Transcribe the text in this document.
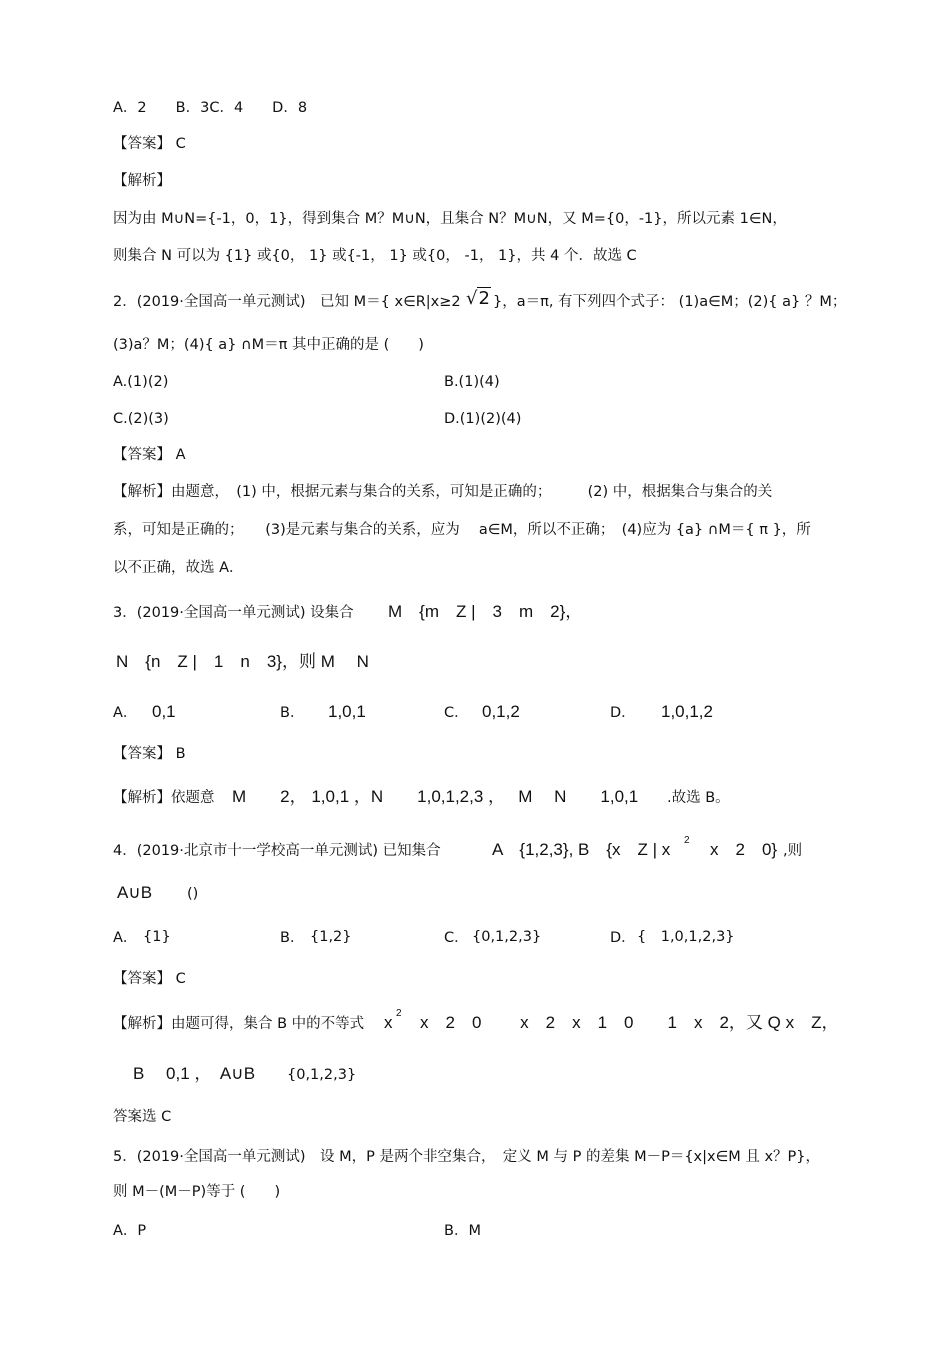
A．2　　B．3C．4　　D．8
【答案】 C
【解析】
因为由 M∪N={-1，0，1}，得到集合 M？M∪N，且集合 N？M∪N，又 M={0，-1}，所以元素 1∈N，
则集合 N 可以为 {1} 或{0， 1} 或{-1， 1} 或{0， -1， 1}，共 4 个．故选 C
2．(2019·全国高一单元测试)　已知 M＝{ x∈R|x≥2 √2 }，a＝π, 有下列四个式子： (1)a∈M；(2){ a} ？M；
(3)a？M；(4){ a} ∩M＝π 其中正确的是 (　　)
A.(1)(2)	B.(1)(4)
C.(2)(3)	D.(1)(2)(4)
【答案】 A
【解析】由题意，　(1) 中，根据元素与集合的关系，可知是正确的；　　　(2) 中，根据集合与集合的关
系，可知是正确的；　　(3)是元素与集合的关系，应为　 a∈M，所以不正确；　(4)应为 {a} ∩M＝{ π }，所
以不正确，故选 A．
3．(2019·全国高一单元测试) 设集合 M　{m　Z |　3　m　2}，
N　{n　Z |　1　n　3}，则 M　 N
A． 0,1	B． 1,0,1	C． 0,1,2	D． 1,0,1,2
【答案】 B
【解析】依题意 M　　2， 1,0,1 ，N　　1,0,1,2,3 ，　 M　 N　　1,0,1 .故选 B。
4．(2019·北京市十一学校高一单元测试) 已知集合	A　{1,2,3}, B　{x　Z | x 2 x　2　0} ,则
A∪B ()
A． {1}	B． {1,2}	C． {0,1,2,3}	D． {　1,0,1,2,3}
【答案】 C
【解析】由题可得，集合 B 中的不等式 x 2 x　2　0　　 x　2　x　1　0　　1　x　2，又 Q x　Z，
B　 0,1 ，　A∪B {0,1,2,3}
答案选 C
5．(2019·全国高一单元测试)　设 M，P 是两个非空集合，　定义 M 与 P 的差集 M－P＝{x|x∈M 且 x？P}，
则 M－(M－P)等于 (　　)
A．P	B．M
